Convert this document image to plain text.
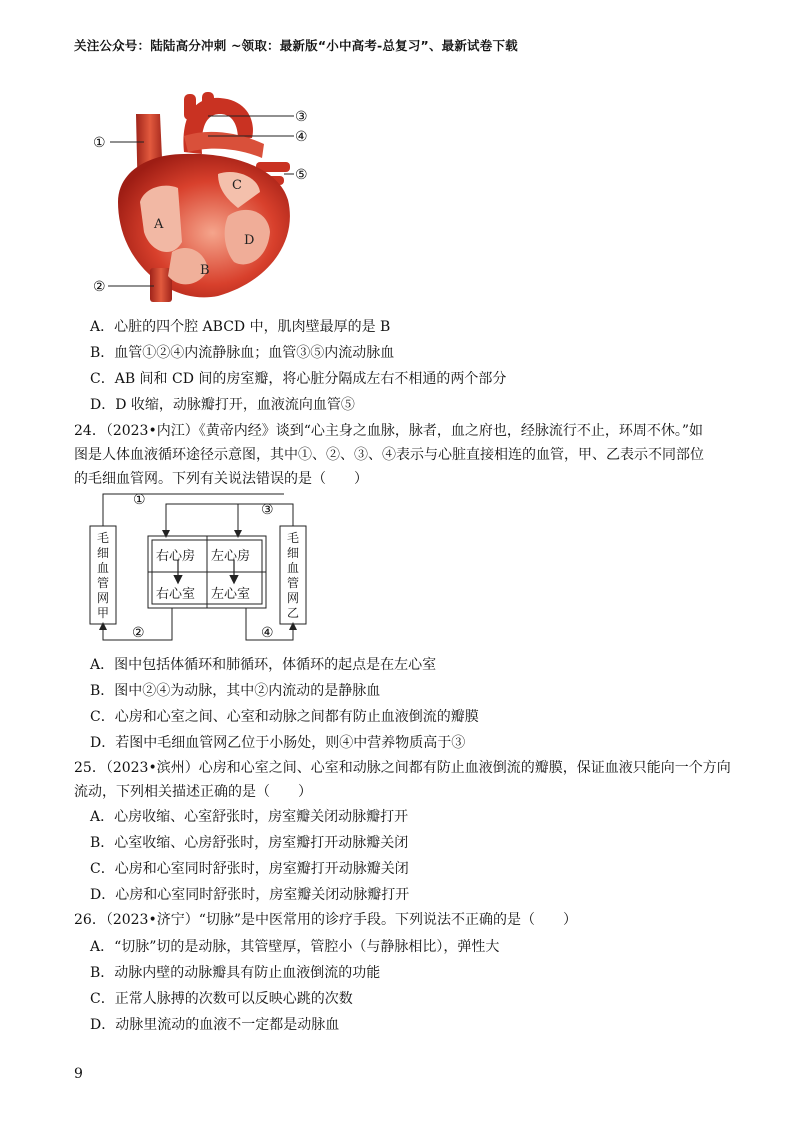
关注公众号：陆陆高分冲刺 ~领取：最新版“小中高考-总复习”、最新试卷下载
A
B
C
D
①
②
③
④
⑤
A．心脏的四个腔 ABCD 中，肌肉壁最厚的是 B
B．血管①②④内流静脉血；血管③⑤内流动脉血
C．AB 间和 CD 间的房室瓣，将心脏分隔成左右不相通的两个部分
D．D 收缩，动脉瓣打开，血液流向血管⑤
24．（2023•内江）《黄帝内经》谈到“心主身之血脉，脉者，血之府也，经脉流行不止，环周不休。”如
图是人体血液循环途径示意图，其中①、②、③、④表示与心脏直接相连的血管，甲、乙表示不同部位
的毛细血管网。下列有关说法错误的是（　　）
①
③
②	④
右心房 左心房
右心室 左心室
毛
细
血
管
网
甲
毛
细
血
管
网
乙
A．图中包括体循环和肺循环，体循环的起点是在左心室
B．图中②④为动脉，其中②内流动的是静脉血
C．心房和心室之间、心室和动脉之间都有防止血液倒流的瓣膜
D．若图中毛细血管网乙位于小肠处，则④中营养物质高于③
25．（2023•滨州）心房和心室之间、心室和动脉之间都有防止血液倒流的瓣膜，保证血液只能向一个方向
流动，下列相关描述正确的是（　　）
A．心房收缩、心室舒张时，房室瓣关闭动脉瓣打开
B．心室收缩、心房舒张时，房室瓣打开动脉瓣关闭
C．心房和心室同时舒张时，房室瓣打开动脉瓣关闭
D．心房和心室同时舒张时，房室瓣关闭动脉瓣打开
26．（2023•济宁）“切脉”是中医常用的诊疗手段。下列说法不正确的是（　　）
A．“切脉”切的是动脉，其管壁厚，管腔小（与静脉相比），弹性大
B．动脉内壁的动脉瓣具有防止血液倒流的功能
C．正常人脉搏的次数可以反映心跳的次数
D．动脉里流动的血液不一定都是动脉血
9
